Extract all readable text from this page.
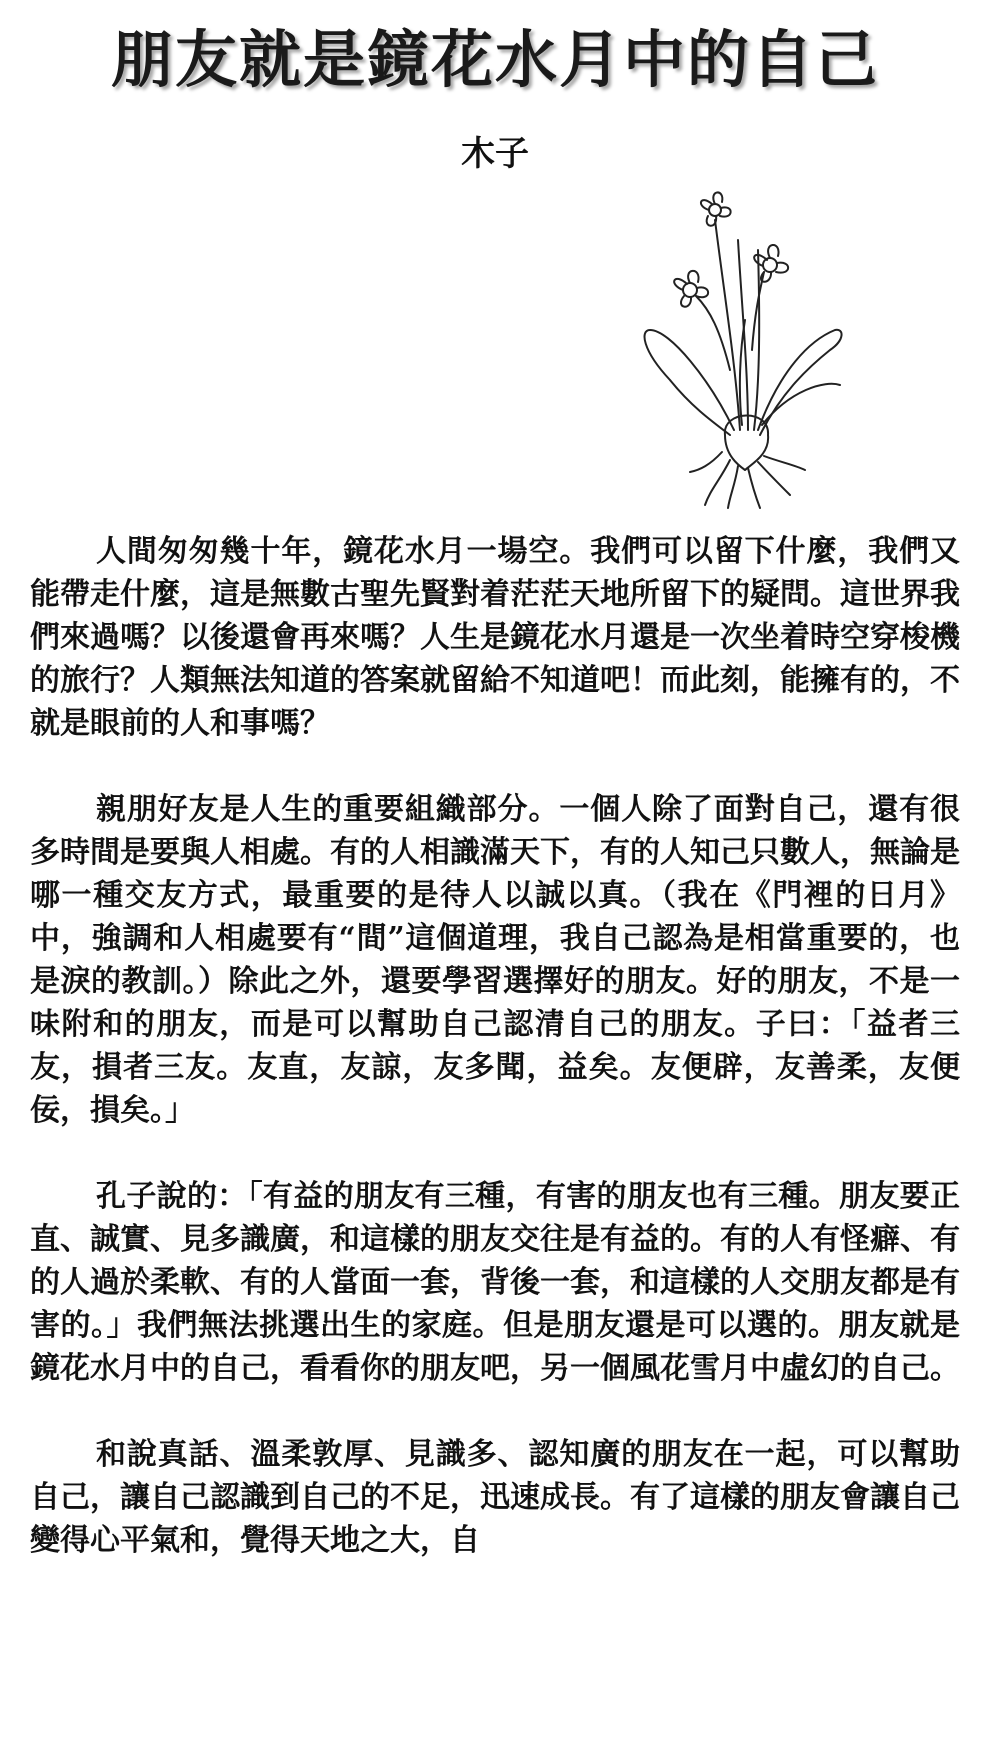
朋友就是鏡花水月中的自己
木子

人間匆匆幾十年，鏡花水月一場空。我們可以留下什麼，我們又能帶走什麼，這是無數古聖先賢對着茫茫天地所留下的疑問。這世界我們來過嗎？以後還會再來嗎？人生是鏡花水月還是一次坐着時空穿梭機的旅行？人類無法知道的答案就留給不知道吧！而此刻，能擁有的，不就是眼前的人和事嗎？

親朋好友是人生的重要組織部分。一個人除了面對自己，還有很多時間是要與人相處。有的人相識滿天下，有的人知己只數人，無論是哪一種交友方式，最重要的是待人以誠以真。（我在《門裡的日月》中，強調和人相處要有“間”這個道理，我自己認為是相當重要的，也是淚的教訓。）除此之外，還要學習選擇好的朋友。好的朋友，不是一味附和的朋友，而是可以幫助自己認清自己的朋友。子曰：「益者三友，損者三友。友直，友諒，友多聞，益矣。友便辟，友善柔，友便佞，損矣。」

孔子說的：「有益的朋友有三種，有害的朋友也有三種。朋友要正直、誠實、見多識廣，和這樣的朋友交往是有益的。有的人有怪癖、有的人過於柔軟、有的人當面一套，背後一套，和這樣的人交朋友都是有害的。」我們無法挑選出生的家庭。但是朋友還是可以選的。朋友就是鏡花水月中的自己，看看你的朋友吧，另一個風花雪月中虛幻的自己。

和說真話、溫柔敦厚、見識多、認知廣的朋友在一起，可以幫助自己，讓自己認識到自己的不足，迅速成長。有了這樣的朋友會讓自己變得心平氣和，覺得天地之大，自
